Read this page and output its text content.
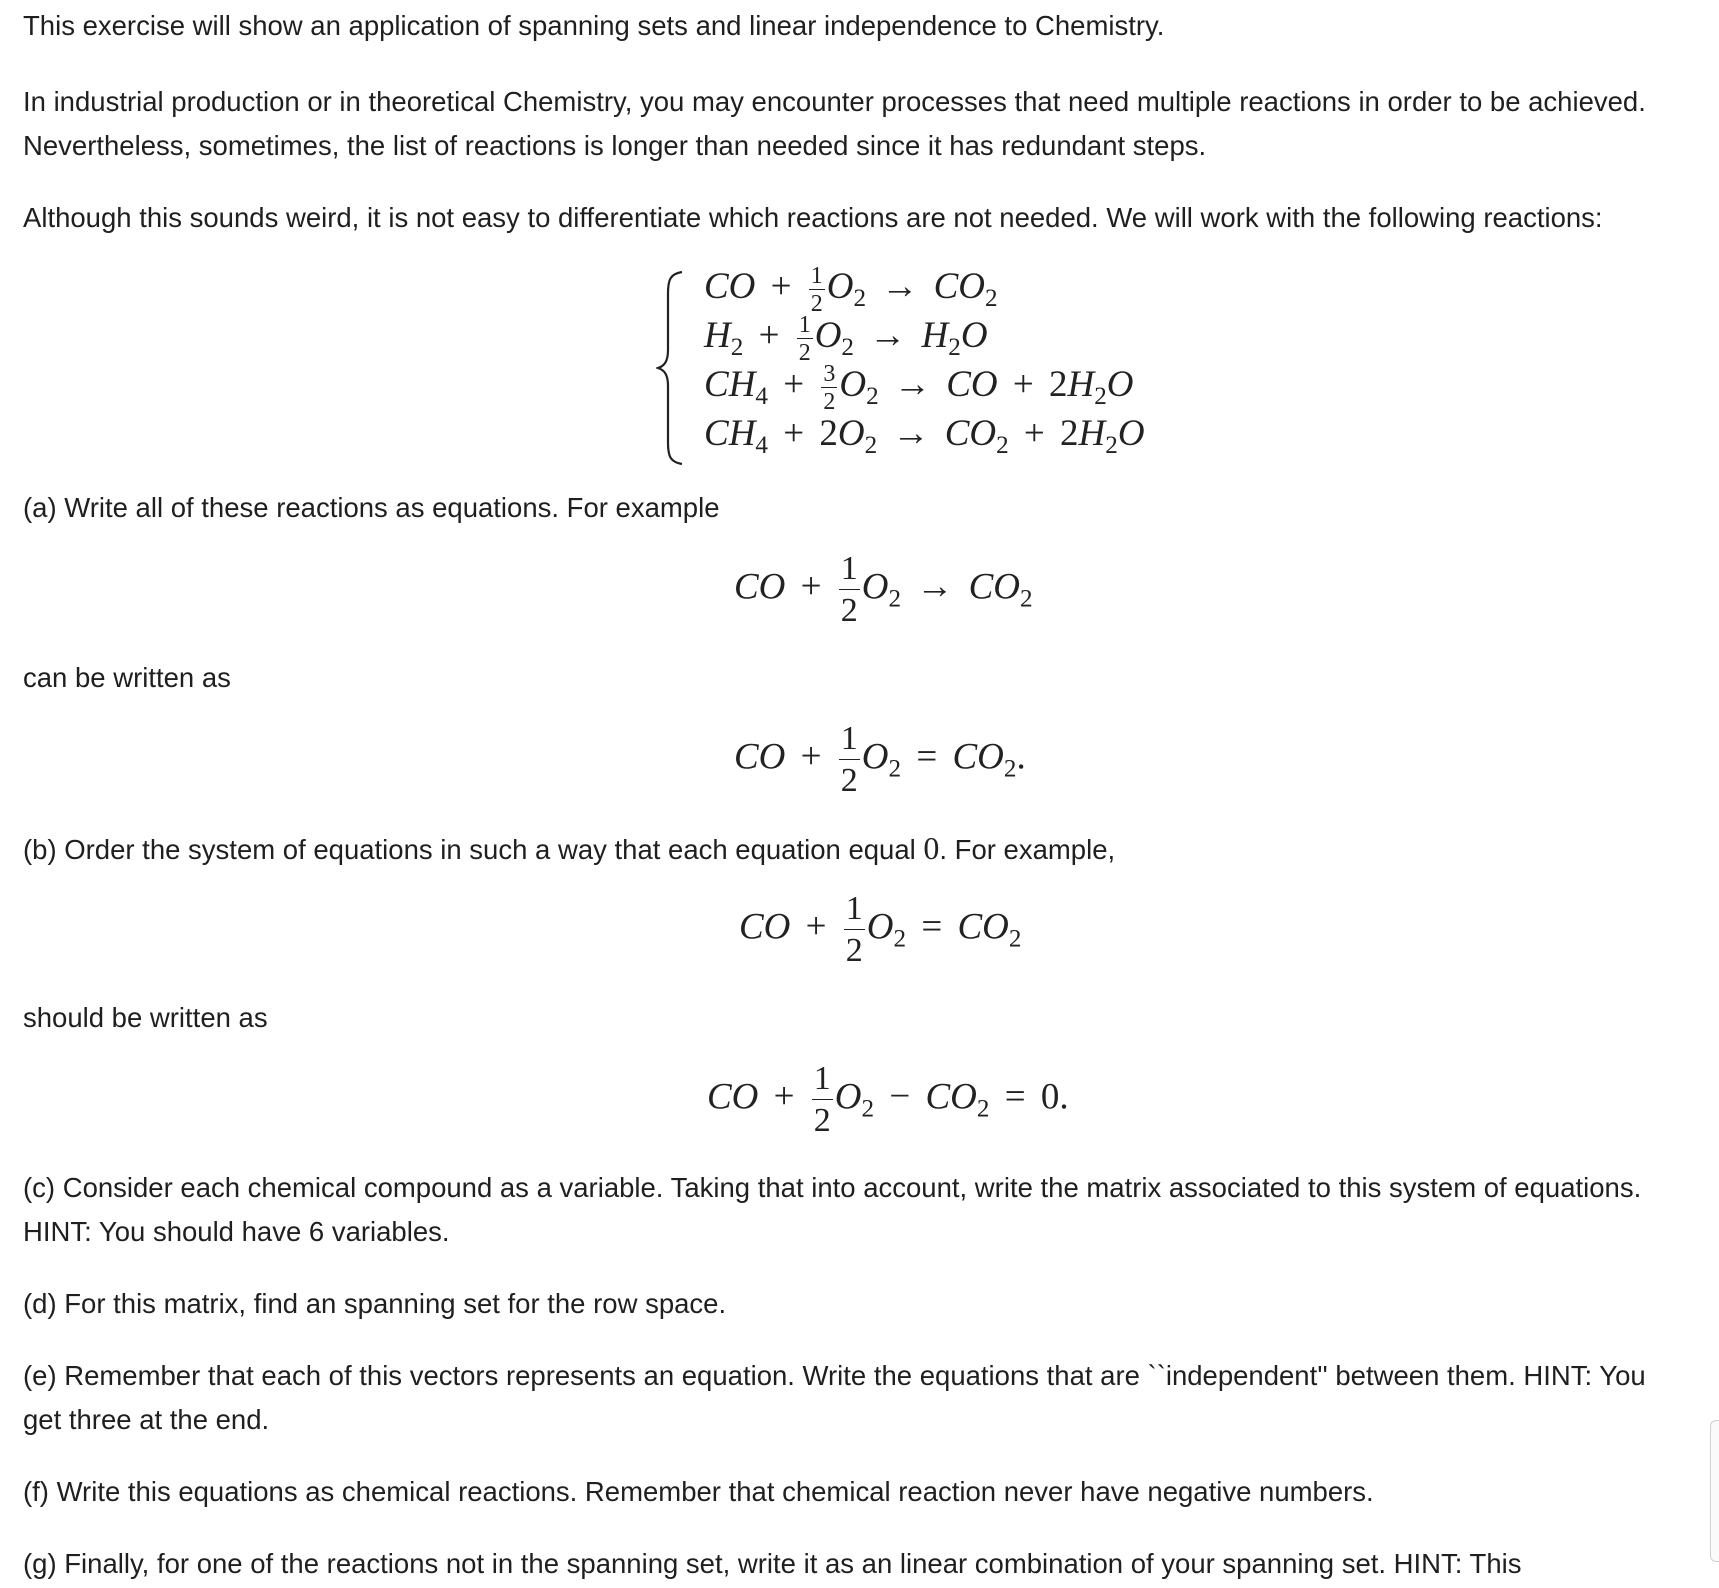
This exercise will show an application of spanning sets and linear independence to Chemistry.

In industrial production or in theoretical Chemistry, you may encounter processes that need multiple reactions in order to be achieved.
Nevertheless, sometimes, the list of reactions is longer than needed since it has redundant steps.

Although this sounds weird, it is not easy to differentiate which reactions are not needed. We will work with the following reactions:

CO + $\frac{1}{2} O_2 \to CO_2$
$H_2 + \frac{1}{2} O_2 \to H_2O$
$CH_4 + \frac{3}{2} O_2$ → CO + $2H_2O$
$CH_4 + 2O_2 \to CO_2 + 2H_2O$

(a) Write all of these reactions as equations. For example

CO + $\frac{1}{2} O_2 \to CO_2$

can be written as

CO + $\frac{1}{2} O_2 = CO_2$.

(b) Order the system of equations in such a way that each equation equal 0. For example,

CO + $\frac{1}{2} O_2 = CO_2$

should be written as

CO + $\frac{1}{2} O_2 - CO_2 = 0$.

(c) Consider each chemical compound as a variable. Taking that into account, write the matrix associated to this system of equations.
HINT: You should have 6 variables.

(d) For this matrix, find an spanning set for the row space.

(e) Remember that each of this vectors represents an equation. Write the equations that are ``independent'' between them. HINT: You
get three at the end.

(f) Write this equations as chemical reactions. Remember that chemical reaction never have negative numbers.

(g) Finally, for one of the reactions not in the spanning set, write it as an linear combination of your spanning set. HINT: This
